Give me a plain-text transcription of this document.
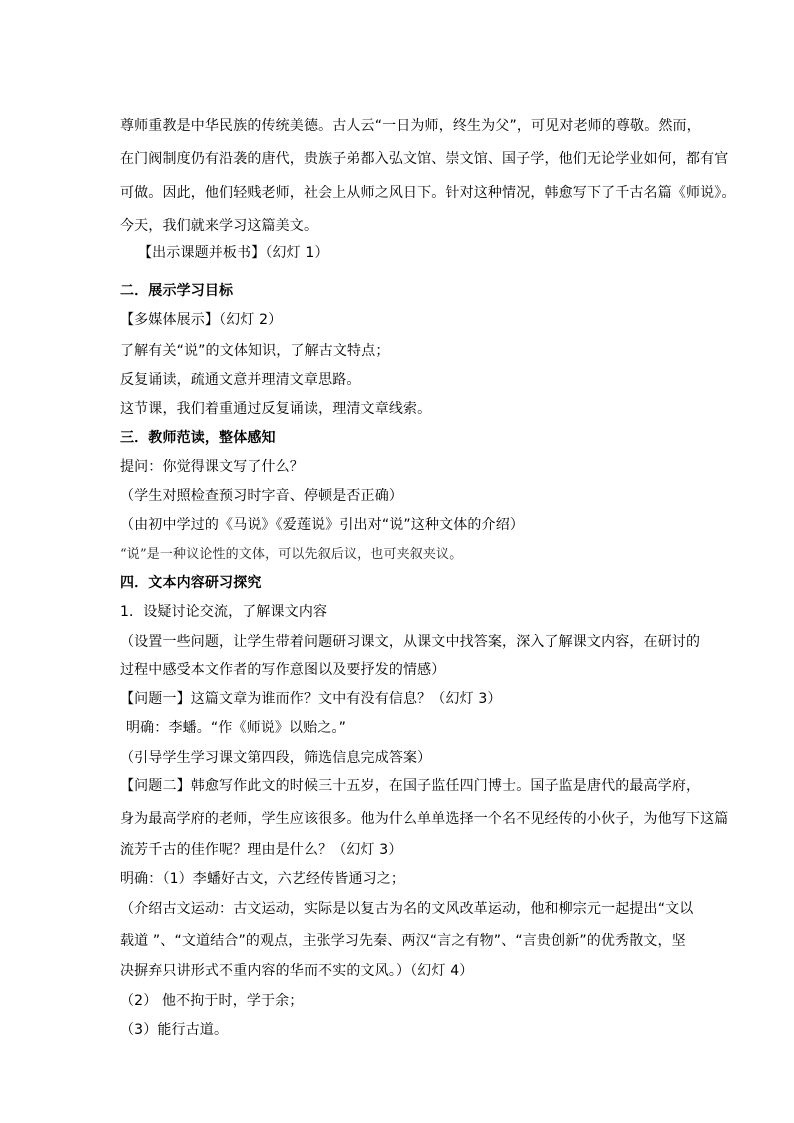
尊师重教是中华民族的传统美德。古人云“一日为师，终生为父”，可见对老师的尊敬。然而，
在门阀制度仍有沿袭的唐代，贵族子弟都入弘文馆、崇文馆、国子学，他们无论学业如何，都有官
可做。因此，他们轻贱老师，社会上从师之风日下。针对这种情况，韩愈写下了千古名篇《师说》。
今天，我们就来学习这篇美文。
【出示课题并板书】（幻灯 1）
二．展示学习目标
【多媒体展示】（幻灯 2）
了解有关“说”的文体知识，了解古文特点；
反复诵读，疏通文意并理清文章思路。
这节课，我们着重通过反复诵读，理清文章线索。
三．教师范读，整体感知
提问：你觉得课文写了什么？
（学生对照检查预习时字音、停顿是否正确）
（由初中学过的《马说》《爱莲说》引出对“说”这种文体的介绍）
“说”是一种议论性的文体，可以先叙后议，也可夹叙夹议。
四．文本内容研习探究
1．设疑讨论交流，了解课文内容
（设置一些问题，让学生带着问题研习课文，从课文中找答案，深入了解课文内容，在研讨的
过程中感受本文作者的写作意图以及要抒发的情感）
【问题一】这篇文章为谁而作？文中有没有信息？（幻灯 3）
明确：李蟠。“作《师说》以贻之。”
（引导学生学习课文第四段，筛选信息完成答案）
【问题二】韩愈写作此文的时候三十五岁，在国子监任四门博士。国子监是唐代的最高学府，
身为最高学府的老师，学生应该很多。他为什么单单选择一个名不见经传的小伙子，为他写下这篇
流芳千古的佳作呢？理由是什么？（幻灯 3）
明确：（1）李蟠好古文，六艺经传皆通习之；
（介绍古文运动：古文运动，实际是以复古为名的文风改革运动，他和柳宗元一起提出“文以
载道 ”、“文道结合”的观点，主张学习先秦、两汉“言之有物”、“言贵创新”的优秀散文，坚
决摒弃只讲形式不重内容的华而不实的文风。）（幻灯 4）
（2） 他不拘于时，学于余；
（3）能行古道。
